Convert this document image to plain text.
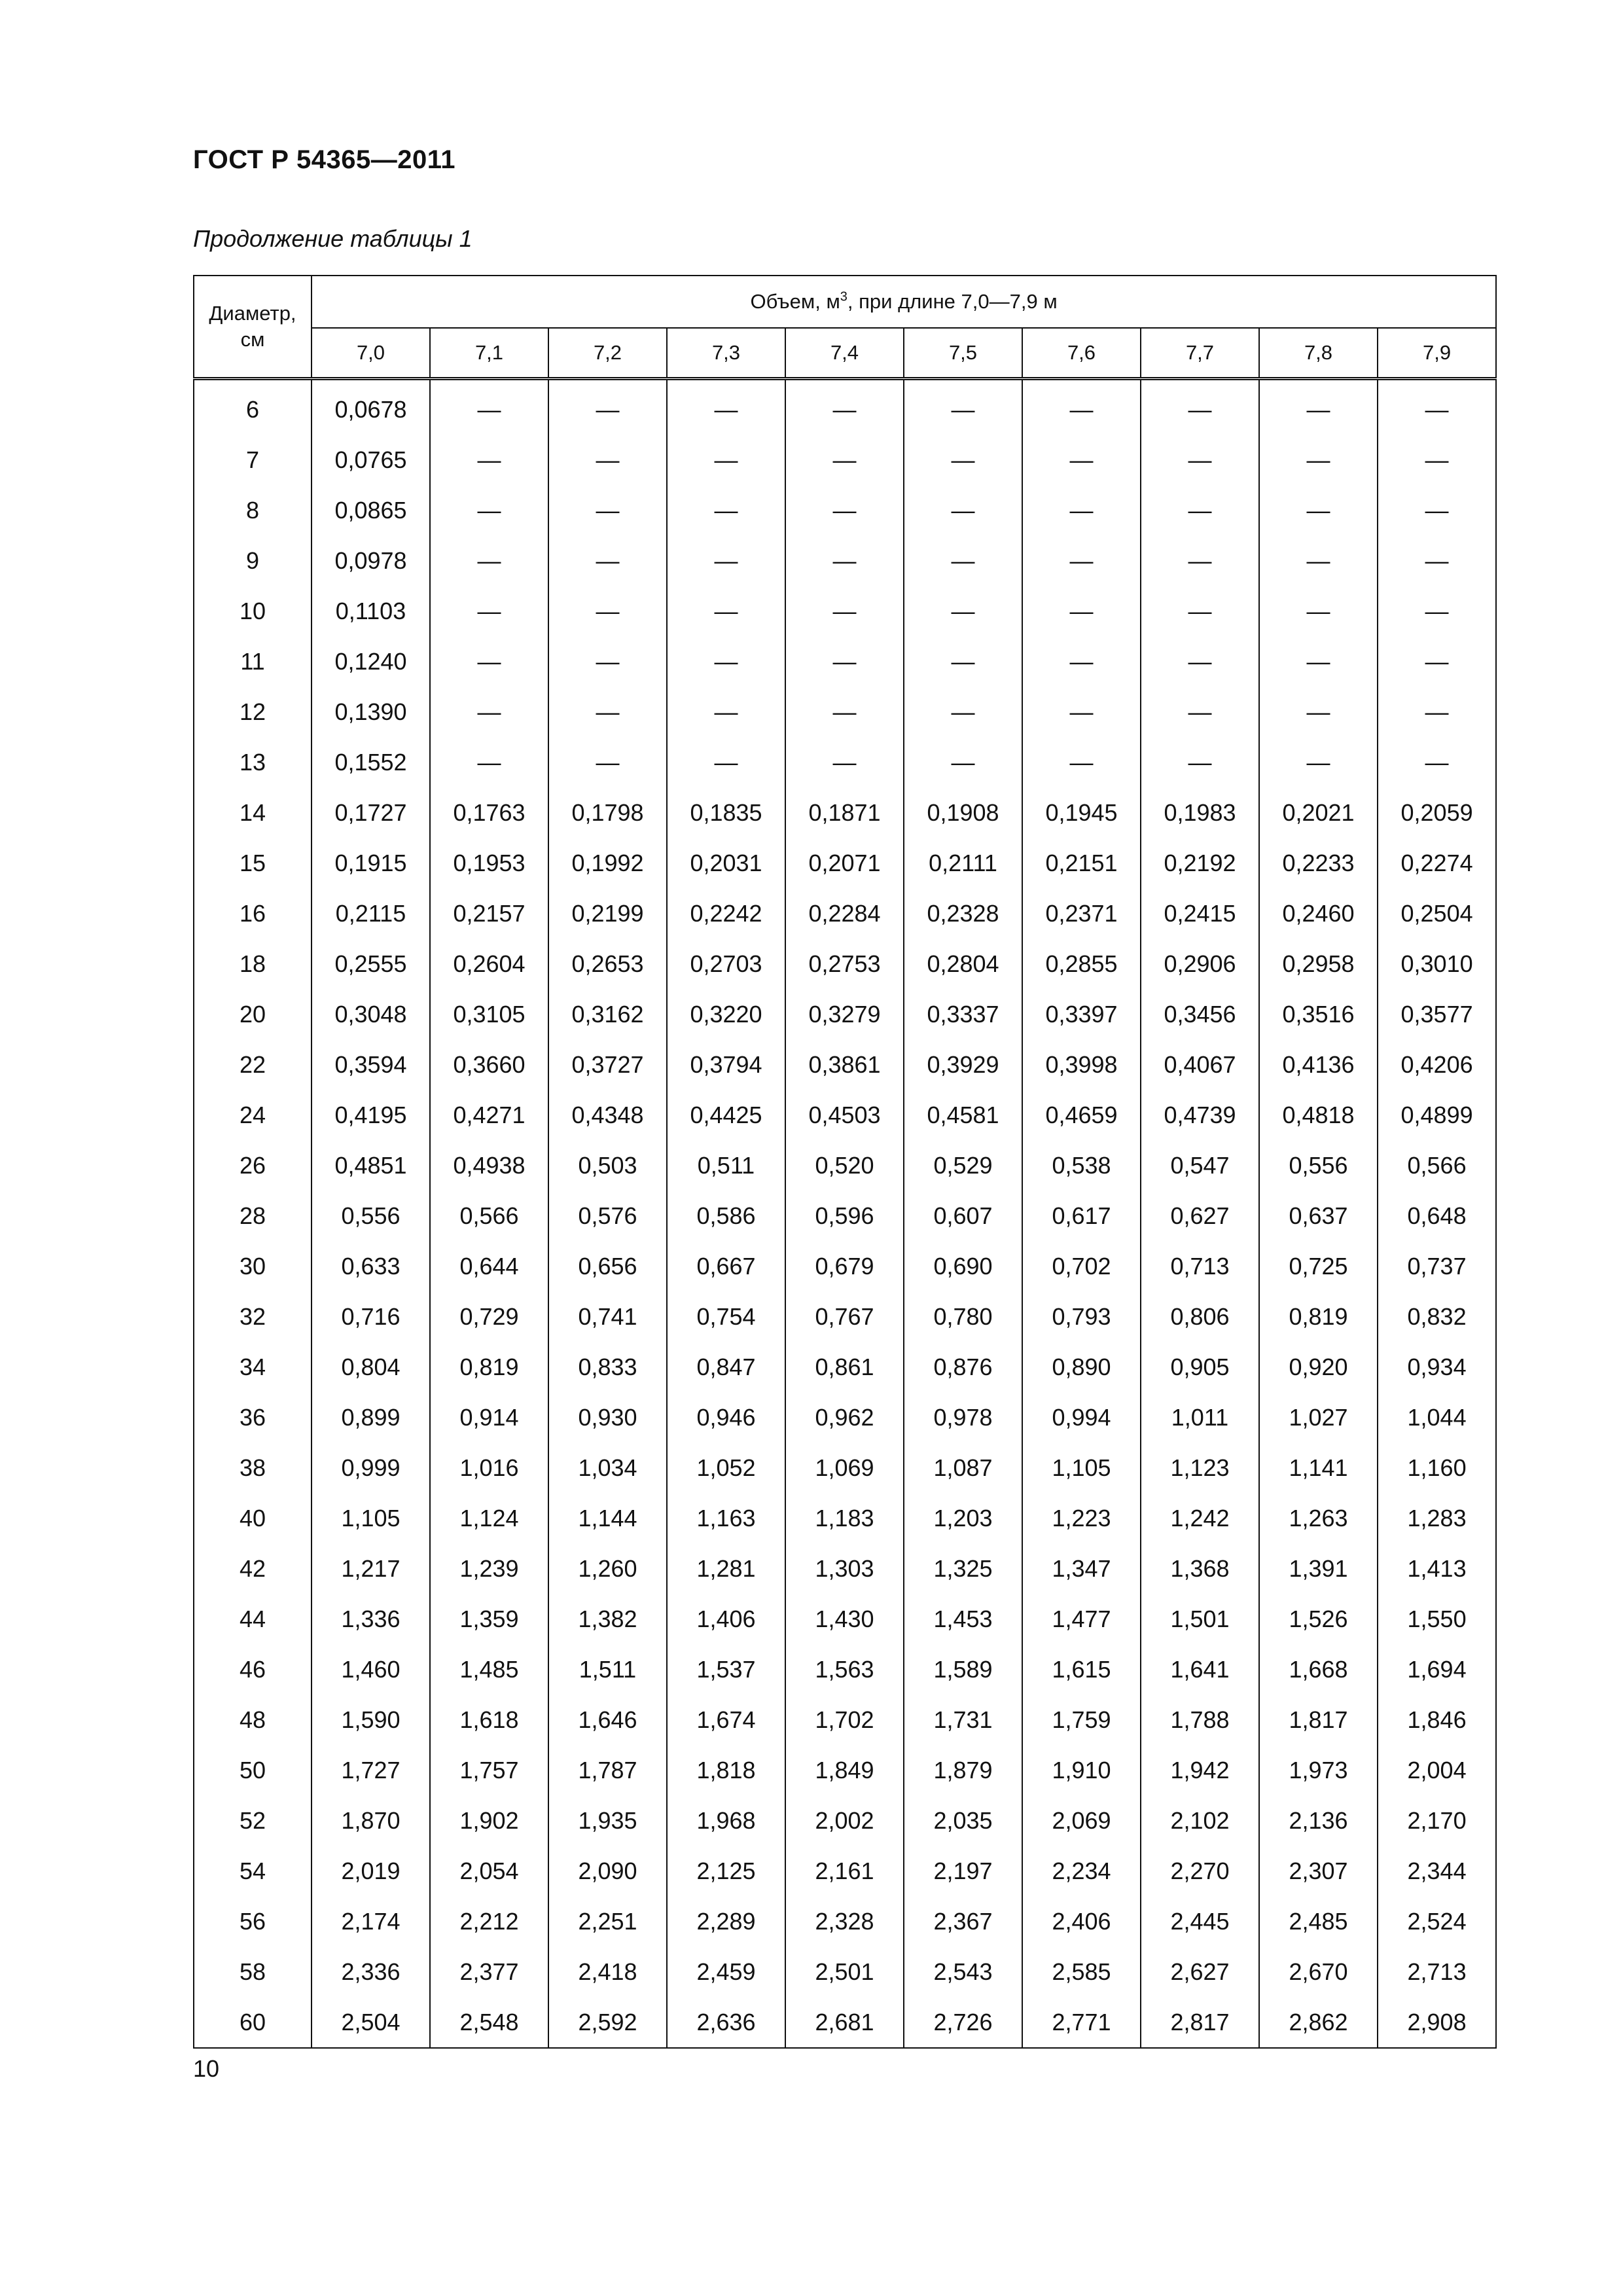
ГОСТ Р 54365—2011

Продолжение таблицы 1

Диаметр, см	Объем, $м^3$, при длине 7,0—7,9 м									
	7,0	7,1	7,2	7,3	7,4	7,5	7,6	7,7	7,8	7,9
6	0,0678	—	—	—	—	—	—	—	—	—
7	0,0765	—	—	—	—	—	—	—	—	—
8	0,0865	—	—	—	—	—	—	—	—	—
9	0,0978	—	—	—	—	—	—	—	—	—
10	0,1103	—	—	—	—	—	—	—	—	—
11	0,1240	—	—	—	—	—	—	—	—	—
12	0,1390	—	—	—	—	—	—	—	—	—
13	0,1552	—	—	—	—	—	—	—	—	—
14	0,1727	0,1763	0,1798	0,1835	0,1871	0,1908	0,1945	0,1983	0,2021	0,2059
15	0,1915	0,1953	0,1992	0,2031	0,2071	0,2111	0,2151	0,2192	0,2233	0,2274
16	0,2115	0,2157	0,2199	0,2242	0,2284	0,2328	0,2371	0,2415	0,2460	0,2504
18	0,2555	0,2604	0,2653	0,2703	0,2753	0,2804	0,2855	0,2906	0,2958	0,3010
20	0,3048	0,3105	0,3162	0,3220	0,3279	0,3337	0,3397	0,3456	0,3516	0,3577
22	0,3594	0,3660	0,3727	0,3794	0,3861	0,3929	0,3998	0,4067	0,4136	0,4206
24	0,4195	0,4271	0,4348	0,4425	0,4503	0,4581	0,4659	0,4739	0,4818	0,4899
26	0,4851	0,4938	0,503	0,511	0,520	0,529	0,538	0,547	0,556	0,566
28	0,556	0,566	0,576	0,586	0,596	0,607	0,617	0,627	0,637	0,648
30	0,633	0,644	0,656	0,667	0,679	0,690	0,702	0,713	0,725	0,737
32	0,716	0,729	0,741	0,754	0,767	0,780	0,793	0,806	0,819	0,832
34	0,804	0,819	0,833	0,847	0,861	0,876	0,890	0,905	0,920	0,934
36	0,899	0,914	0,930	0,946	0,962	0,978	0,994	1,011	1,027	1,044
38	0,999	1,016	1,034	1,052	1,069	1,087	1,105	1,123	1,141	1,160
40	1,105	1,124	1,144	1,163	1,183	1,203	1,223	1,242	1,263	1,283
42	1,217	1,239	1,260	1,281	1,303	1,325	1,347	1,368	1,391	1,413
44	1,336	1,359	1,382	1,406	1,430	1,453	1,477	1,501	1,526	1,550
46	1,460	1,485	1,511	1,537	1,563	1,589	1,615	1,641	1,668	1,694
48	1,590	1,618	1,646	1,674	1,702	1,731	1,759	1,788	1,817	1,846
50	1,727	1,757	1,787	1,818	1,849	1,879	1,910	1,942	1,973	2,004
52	1,870	1,902	1,935	1,968	2,002	2,035	2,069	2,102	2,136	2,170
54	2,019	2,054	2,090	2,125	2,161	2,197	2,234	2,270	2,307	2,344
56	2,174	2,212	2,251	2,289	2,328	2,367	2,406	2,445	2,485	2,524
58	2,336	2,377	2,418	2,459	2,501	2,543	2,585	2,627	2,670	2,713
60	2,504	2,548	2,592	2,636	2,681	2,726	2,771	2,817	2,862	2,908

10
